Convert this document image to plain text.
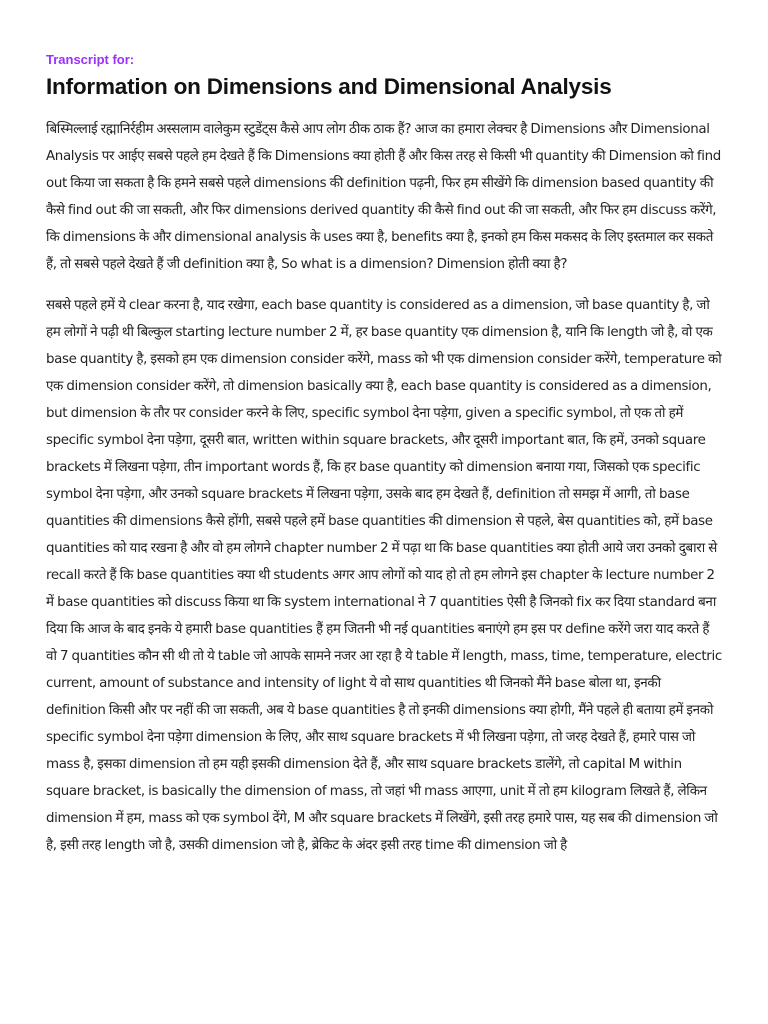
Transcript for:

Information on Dimensions and Dimensional Analysis

बिस्मिल्लाई रह्मानिर्रहीम अस्सलाम वालेकुम स्टुडेंट्स कैसे आप लोग ठीक ठाक हैं? आज का हमारा लेक्चर है Dimensions और Dimensional Analysis पर आईए सबसे पहले हम देखते हैं कि Dimensions क्या होती हैं और किस तरह से किसी भी quantity की Dimension को find out किया जा सकता है कि हमने सबसे पहले dimensions की definition पढ़नी, फिर हम सीखेंगे कि dimension based quantity की कैसे find out की जा सकती, और फिर dimensions derived quantity की कैसे find out की जा सकती, और फिर हम discuss करेंगे, कि dimensions के और dimensional analysis के uses क्या है, benefits क्या है, इनको हम किस मकसद के लिए इस्तमाल कर सकते हैं, तो सबसे पहले देखते हैं जी definition क्या है, So what is a dimension? Dimension होती क्या है?

सबसे पहले हमें ये clear करना है, याद रखेगा, each base quantity is considered as a dimension, जो base quantity है, जो हम लोगों ने पढ़ी थी बिल्कुल starting lecture number 2 में, हर base quantity एक dimension है, यानि कि length जो है, वो एक base quantity है, इसको हम एक dimension consider करेंगे, mass को भी एक dimension consider करेंगे, temperature को एक dimension consider करेंगे, तो dimension basically क्या है, each base quantity is considered as a dimension, but dimension के तौर पर consider करने के लिए, specific symbol देना पड़ेगा, given a specific symbol, तो एक तो हमें specific symbol देना पड़ेगा, दूसरी बात, written within square brackets, और दूसरी important बात, कि हमें, उनको square brackets में लिखना पड़ेगा, तीन important words हैं, कि हर base quantity को dimension बनाया गया, जिसको एक specific symbol देना पड़ेगा, और उनको square brackets में लिखना पड़ेगा, उसके बाद हम देखते हैं, definition तो समझ में आगी, तो base quantities की dimensions कैसे होंगी, सबसे पहले हमें base quantities की dimension से पहले, बेस quantities को, हमें base quantities को याद रखना है और वो हम लोगने chapter number 2 में पढ़ा था कि base quantities क्या होती आये जरा उनको दुबारा से recall करते हैं कि base quantities क्या थी students अगर आप लोगों को याद हो तो हम लोगने इस chapter के lecture number 2 में base quantities को discuss किया था कि system international ने 7 quantities ऐसी है जिनको fix कर दिया standard बना दिया कि आज के बाद इनके ये हमारी base quantities हैं हम जितनी भी नई quantities बनाएंगे हम इस पर define करेंगे जरा याद करते हैं वो 7 quantities कौन सी थी तो ये table जो आपके सामने नजर आ रहा है ये table में length, mass, time, temperature, electric current, amount of substance and intensity of light ये वो साथ quantities थी जिनको मैंने base बोला था, इनकी definition किसी और पर नहीं की जा सकती, अब ये base quantities है तो इनकी dimensions क्या होगी, मैंने पहले ही बताया हमें इनको specific symbol देना पड़ेगा dimension के लिए, और साथ square brackets में भी लिखना पड़ेगा, तो जरह देखते हैं, हमारे पास जो mass है, इसका dimension तो हम यही इसकी dimension देते हैं, और साथ square brackets डालेंगे, तो capital M within square bracket, is basically the dimension of mass, तो जहां भी mass आएगा, unit में तो हम kilogram लिखते हैं, लेकिन dimension में हम, mass को एक symbol देंगे, M और square brackets में लिखेंगे, इसी तरह हमारे पास, यह सब की dimension जो है, इसी तरह length जो है, उसकी dimension जो है, ब्रेकिट के अंदर इसी तरह time की dimension जो है
